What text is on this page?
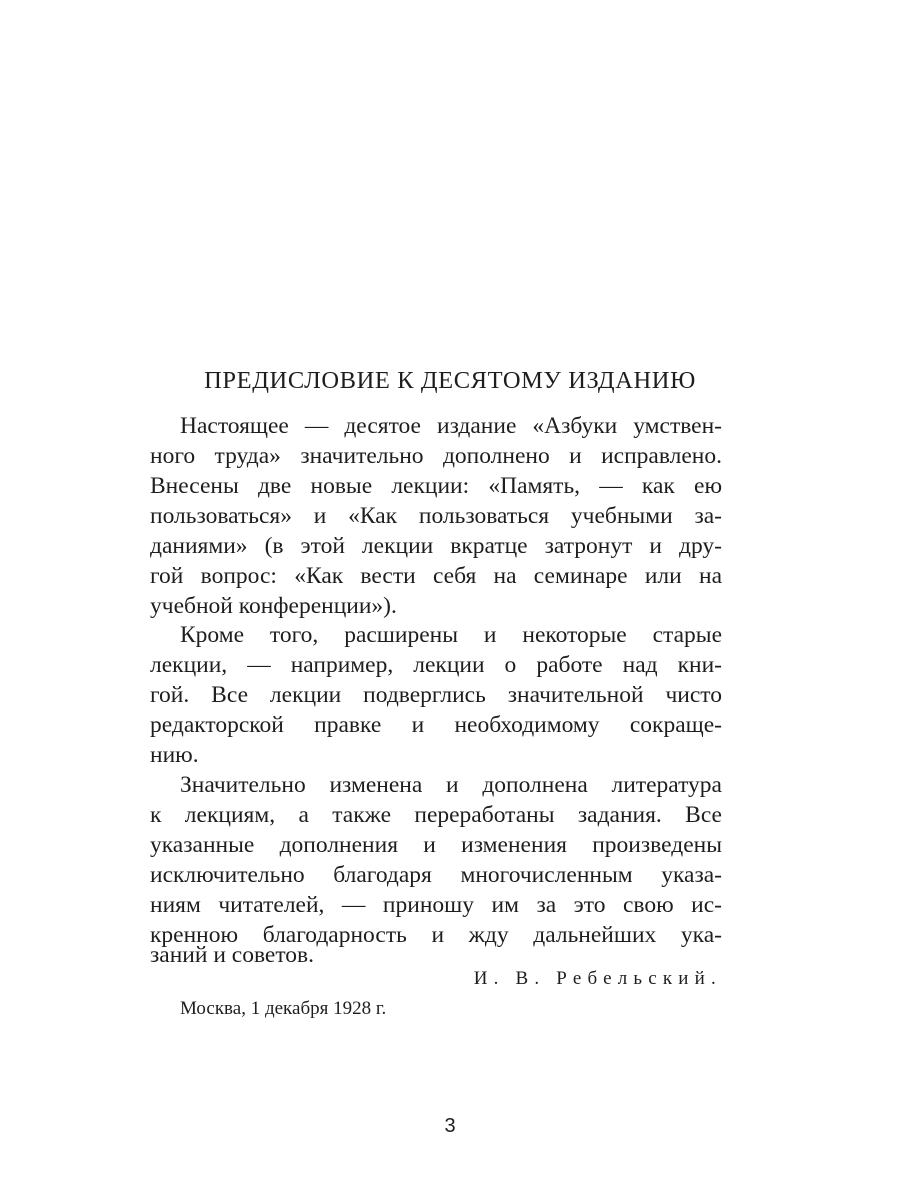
ПРЕДИСЛОВИЕ К ДЕСЯТОМУ ИЗДАНИЮ
Настоящее — десятое издание «Азбуки умствен-
ного труда» значительно дополнено и исправлено.
Внесены две новые лекции: «Память, — как ею
пользоваться» и «Как пользоваться учебными за-
даниями» (в этой лекции вкратце затронут и дру-
гой вопрос: «Как вести себя на семинаре или на
учебной конференции»).
Кроме того, расширены и некоторые старые
лекции, — например, лекции о работе над кни-
гой. Все лекции подверглись значительной чисто
редакторской правке и необходимому сокраще-
нию.
Значительно изменена и дополнена литература
к лекциям, а также переработаны задания. Все
указанные дополнения и изменения произведены
исключительно благодаря многочисленным указа-
ниям читателей, — приношу им за это свою ис-
кренною благодарность и жду дальнейших ука-
заний и советов.
И. В. Ребельский.
Москва, 1 декабря 1928 г.
3
